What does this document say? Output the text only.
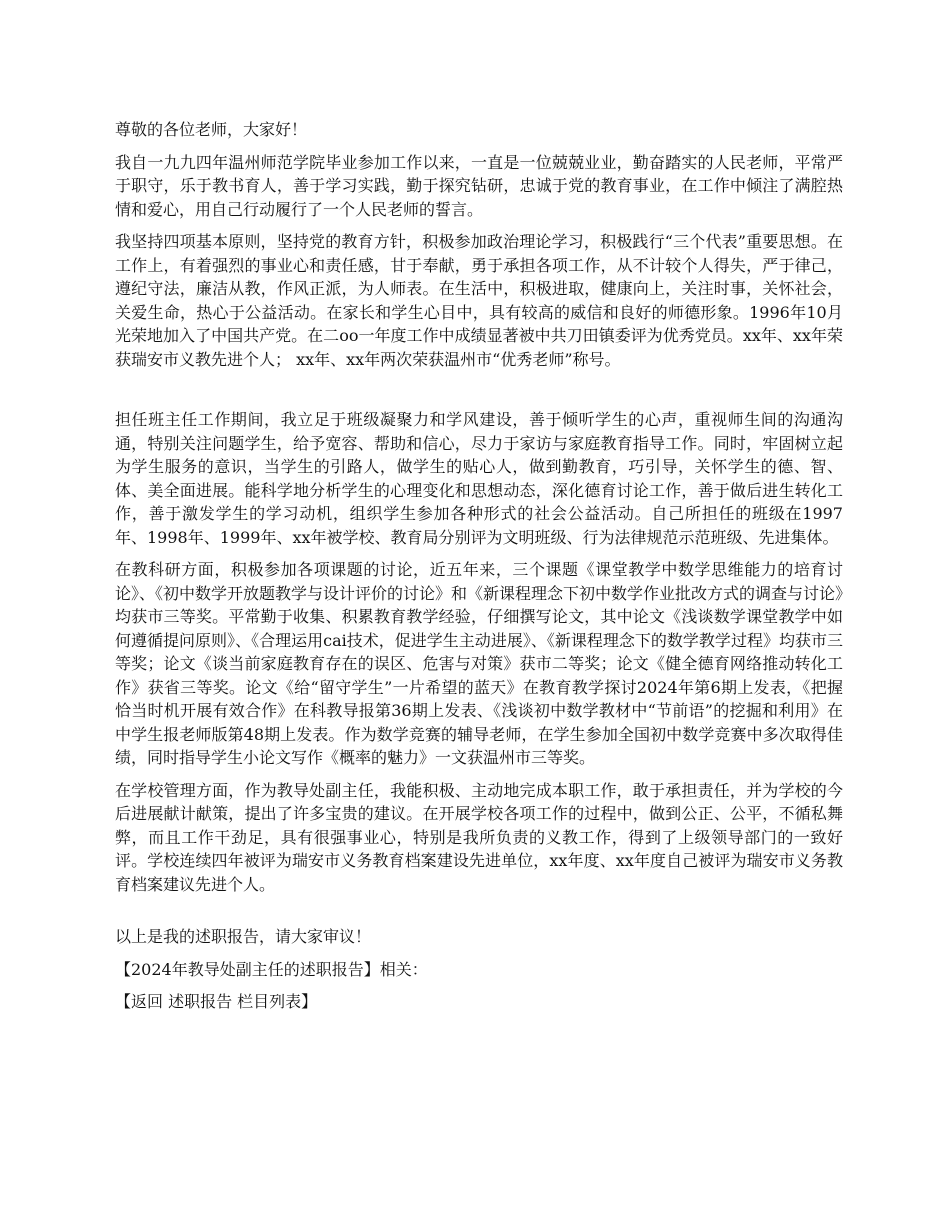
尊敬的各位老师，大家好！

我自一九九四年温州师范学院毕业参加工作以来，一直是一位兢兢业业，勤奋踏实的人民老师，平常严于职守，乐于教书育人，善于学习实践，勤于探究钻研，忠诚于党的教育事业，在工作中倾注了满腔热情和爱心，用自己行动履行了一个人民老师的誓言。

我坚持四项基本原则，坚持党的教育方针，积极参加政治理论学习，积极践行“三个代表”重要思想。在工作上，有着强烈的事业心和责任感，甘于奉献，勇于承担各项工作，从不计较个人得失，严于律己，遵纪守法，廉洁从教，作风正派，为人师表。在生活中，积极进取，健康向上，关注时事，关怀社会，关爱生命，热心于公益活动。在家长和学生心目中，具有较高的威信和良好的师德形象。1996年10月光荣地加入了中国共产党。在二oo一年度工作中成绩显著被中共刀田镇委评为优秀党员。xx年、xx年荣获瑞安市义教先进个人； xx年、xx年两次荣获温州市“优秀老师”称号。

担任班主任工作期间，我立足于班级凝聚力和学风建设，善于倾听学生的心声，重视师生间的沟通沟通，特别关注问题学生，给予宽容、帮助和信心，尽力于家访与家庭教育指导工作。同时，牢固树立起为学生服务的意识，当学生的引路人，做学生的贴心人，做到勤教育，巧引导，关怀学生的德、智、体、美全面进展。能科学地分析学生的心理变化和思想动态，深化德育讨论工作，善于做后进生转化工作，善于激发学生的学习动机，组织学生参加各种形式的社会公益活动。自己所担任的班级在1997年、1998年、1999年、xx年被学校、教育局分别评为文明班级、行为法律规范示范班级、先进集体。

在教科研方面，积极参加各项课题的讨论，近五年来，三个课题《课堂教学中数学思维能力的培育讨论》、《初中数学开放题教学与设计评价的讨论》和《新课程理念下初中数学作业批改方式的调查与讨论》均获市三等奖。平常勤于收集、积累教育教学经验，仔细撰写论文，其中论文《浅谈数学课堂教学中如何遵循提问原则》、《合理运用cai技术，促进学生主动进展》、《新课程理念下的数学教学过程》均获市三等奖；论文《谈当前家庭教育存在的误区、危害与对策》获市二等奖；论文《健全德育网络推动转化工作》获省三等奖。论文《给“留守学生”一片希望的蓝天》在教育教学探讨2024年第6期上发表，《把握恰当时机开展有效合作》在科教导报第36期上发表、《浅谈初中数学教材中“节前语”的挖掘和利用》在中学生报老师版第48期上发表。作为数学竞赛的辅导老师，在学生参加全国初中数学竞赛中多次取得佳绩，同时指导学生小论文写作《概率的魅力》一文获温州市三等奖。

在学校管理方面，作为教导处副主任，我能积极、主动地完成本职工作，敢于承担责任，并为学校的今后进展献计献策，提出了许多宝贵的建议。在开展学校各项工作的过程中，做到公正、公平，不循私舞弊，而且工作干劲足，具有很强事业心，特别是我所负责的义教工作，得到了上级领导部门的一致好评。学校连续四年被评为瑞安市义务教育档案建设先进单位，xx年度、xx年度自己被评为瑞安市义务教育档案建议先进个人。

以上是我的述职报告，请大家审议！

【2024年教导处副主任的述职报告】相关：

【返回 述职报告 栏目列表】
